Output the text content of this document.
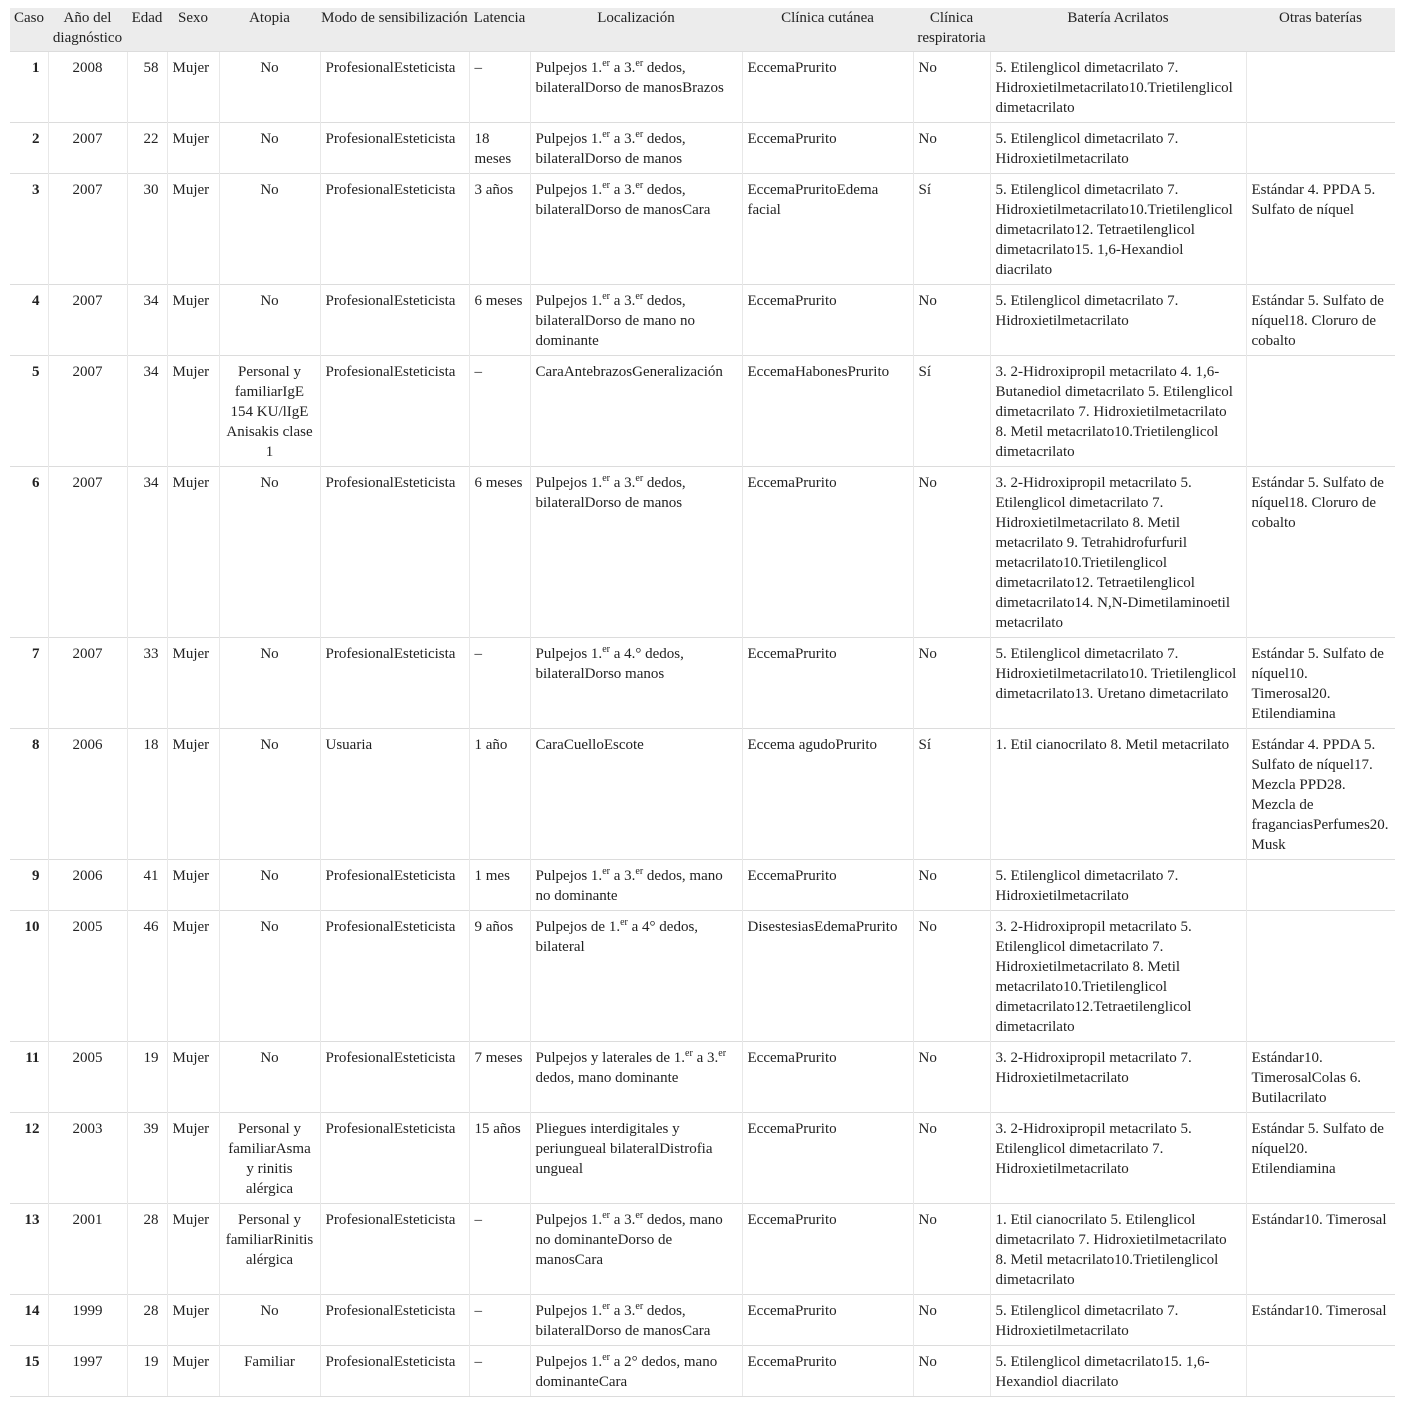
Caso	Año del diagnóstico	Edad	Sexo	Atopia	Modo de sensibilización	Latencia	Localización	Clínica cutánea	Clínica respiratoria	Batería Acrilatos	Otras baterías
1	2008	58	Mujer	No	ProfesionalEsteticista	–	Pulpejos 1.$^{er}$ a 3.$^{er}$ dedos, bilateralDorso de manosBrazos	EccemaPrurito	No	5. Etilenglicol dimetacrilato 7. Hidroxietilmetacrilato10.Trietilenglicol dimetacrilato	
2	2007	22	Mujer	No	ProfesionalEsteticista	18 meses	Pulpejos 1.$^{er}$ a 3.$^{er}$ dedos, bilateralDorso de manos	EccemaPrurito	No	5. Etilenglicol dimetacrilato 7. Hidroxietilmetacrilato	
3	2007	30	Mujer	No	ProfesionalEsteticista	3 años	Pulpejos 1.$^{er}$ a 3.$^{er}$ dedos, bilateralDorso de manosCara	EccemaPruritoEdema facial	Sí	5. Etilenglicol dimetacrilato 7. Hidroxietilmetacrilato10.Trietilenglicol dimetacrilato12. Tetraetilenglicol dimetacrilato15. 1,6-Hexandiol diacrilato	Estándar 4. PPDA 5. Sulfato de níquel
4	2007	34	Mujer	No	ProfesionalEsteticista	6 meses	Pulpejos 1.$^{er}$ a 3.$^{er}$ dedos, bilateralDorso de mano no dominante	EccemaPrurito	No	5. Etilenglicol dimetacrilato 7. Hidroxietilmetacrilato	Estándar 5. Sulfato de níquel18. Cloruro de cobalto
5	2007	34	Mujer	Personal y familiarIgE 154 KU/lIgE Anisakis clase 1	ProfesionalEsteticista	–	CaraAntebrazosGeneralización	EccemaHabonesPrurito	Sí	3. 2-Hidroxipropil metacrilato 4. 1,6-Butanediol dimetacrilato 5. Etilenglicol dimetacrilato 7. Hidroxietilmetacrilato 8. Metil metacrilato10.Trietilenglicol dimetacrilato	
6	2007	34	Mujer	No	ProfesionalEsteticista	6 meses	Pulpejos 1.$^{er}$ a 3.$^{er}$ dedos, bilateralDorso de manos	EccemaPrurito	No	3. 2-Hidroxipropil metacrilato 5. Etilenglicol dimetacrilato 7. Hidroxietilmetacrilato 8. Metil metacrilato 9. Tetrahidrofurfuril metacrilato10.Trietilenglicol dimetacrilato12. Tetraetilenglicol dimetacrilato14. N,N-Dimetilaminoetil metacrilato	Estándar 5. Sulfato de níquel18. Cloruro de cobalto
7	2007	33	Mujer	No	ProfesionalEsteticista	–	Pulpejos 1.$^{er}$ a 4.° dedos, bilateralDorso manos	EccemaPrurito	No	5. Etilenglicol dimetacrilato 7. Hidroxietilmetacrilato10. Trietilenglicol dimetacrilato13. Uretano dimetacrilato	Estándar 5. Sulfato de níquel10. Timerosal20. Etilendiamina
8	2006	18	Mujer	No	Usuaria	1 año	CaraCuelloEscote	Eccema agudoPrurito	Sí	1. Etil cianocrilato 8. Metil metacrilato	Estándar 4. PPDA 5. Sulfato de níquel17. Mezcla PPD28. Mezcla de fraganciasPerfumes20. Musk
9	2006	41	Mujer	No	ProfesionalEsteticista	1 mes	Pulpejos 1.$^{er}$ a 3.$^{er}$ dedos, mano no dominante	EccemaPrurito	No	5. Etilenglicol dimetacrilato 7. Hidroxietilmetacrilato	
10	2005	46	Mujer	No	ProfesionalEsteticista	9 años	Pulpejos de 1.$^{er}$ a 4° dedos, bilateral	DisestesiasEdemaPrurito	No	3. 2-Hidroxipropil metacrilato 5. Etilenglicol dimetacrilato 7. Hidroxietilmetacrilato 8. Metil metacrilato10.Trietilenglicol dimetacrilato12.Tetraetilenglicol dimetacrilato	
11	2005	19	Mujer	No	ProfesionalEsteticista	7 meses	Pulpejos y laterales de 1.$^{er}$ a 3.$^{er}$ dedos, mano dominante	EccemaPrurito	No	3. 2-Hidroxipropil metacrilato 7. Hidroxietilmetacrilato	Estándar10. TimerosalColas 6. Butilacrilato
12	2003	39	Mujer	Personal y familiarAsma y rinitis alérgica	ProfesionalEsteticista	15 años	Pliegues interdigitales y periungueal bilateralDistrofia ungueal	EccemaPrurito	No	3. 2-Hidroxipropil metacrilato 5. Etilenglicol dimetacrilato 7. Hidroxietilmetacrilato	Estándar 5. Sulfato de níquel20. Etilendiamina
13	2001	28	Mujer	Personal y familiarRinitis alérgica	ProfesionalEsteticista	–	Pulpejos 1.$^{er}$ a 3.$^{er}$ dedos, mano no dominanteDorso de manosCara	EccemaPrurito	No	1. Etil cianocrilato 5. Etilenglicol dimetacrilato 7. Hidroxietilmetacrilato 8. Metil metacrilato10.Trietilenglicol dimetacrilato	Estándar10. Timerosal
14	1999	28	Mujer	No	ProfesionalEsteticista	–	Pulpejos 1.$^{er}$ a 3.$^{er}$ dedos, bilateralDorso de manosCara	EccemaPrurito	No	5. Etilenglicol dimetacrilato 7. Hidroxietilmetacrilato	Estándar10. Timerosal
15	1997	19	Mujer	Familiar	ProfesionalEsteticista	–	Pulpejos 1.$^{er}$ a 2° dedos, mano dominanteCara	EccemaPrurito	No	5. Etilenglicol dimetacrilato15. 1,6-Hexandiol diacrilato	
